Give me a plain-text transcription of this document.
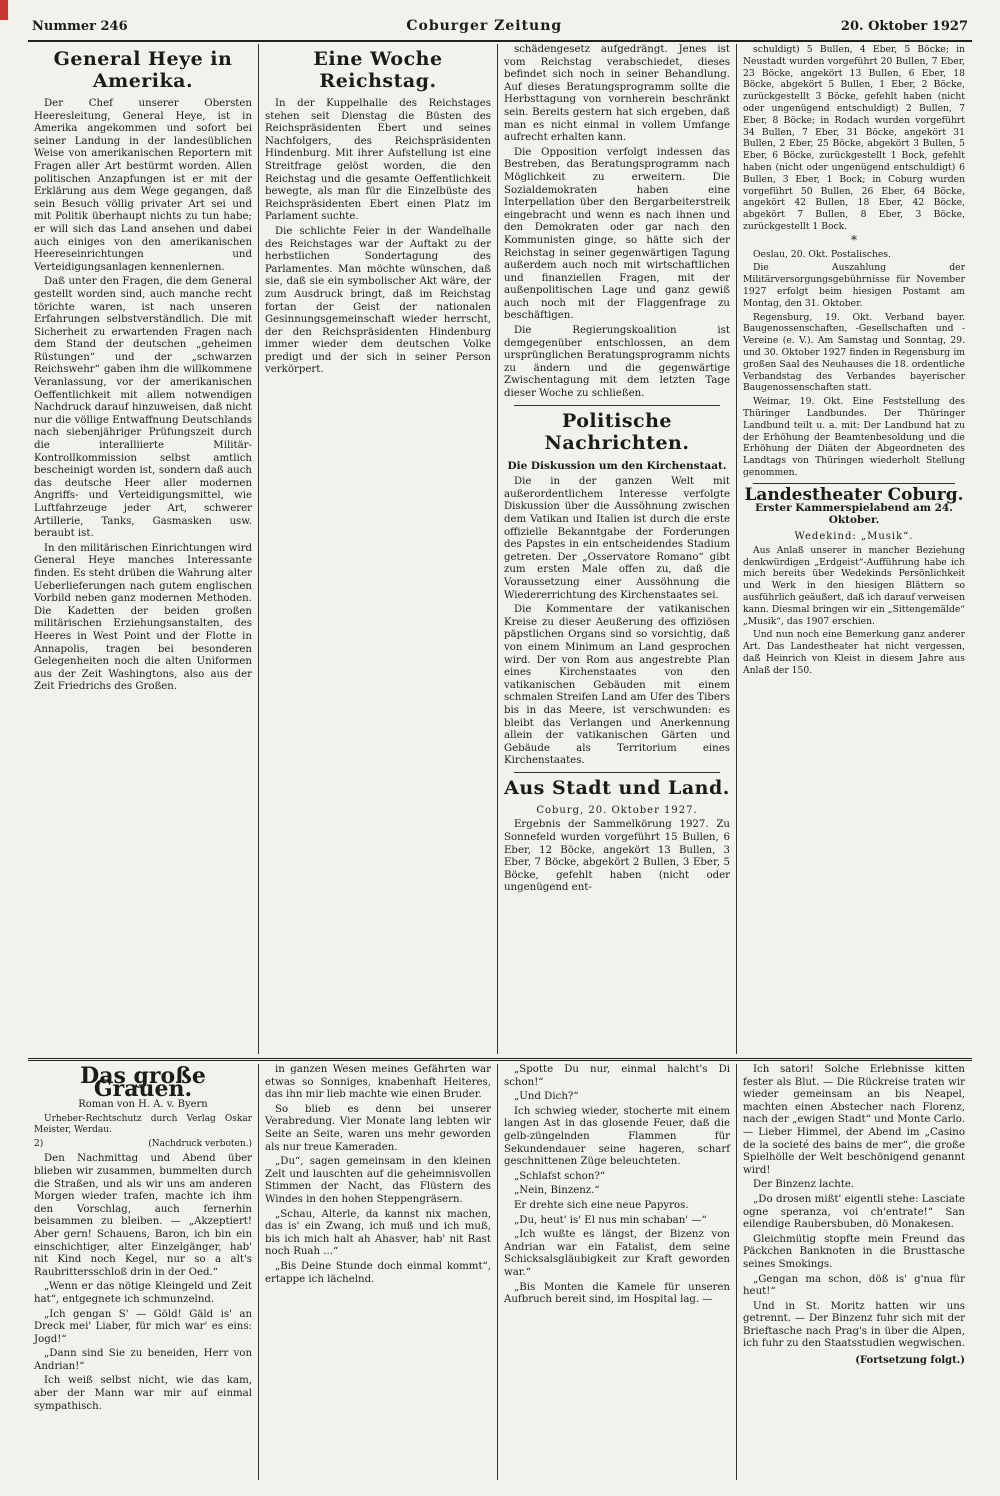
Nummer 246	Coburger Zeitung	20. Oktober 1927
General Heye in Amerika.

Der Chef unserer Obersten Heeresleitung, General Heye, ist in Amerika angekommen und sofort bei seiner Landung in der landesüblichen Weise von amerikanischen Reportern mit Fragen aller Art bestürmt worden. Allen politischen Anzapfungen ist er mit der Erklärung aus dem Wege gegangen, daß sein Besuch völlig privater Art sei und mit Politik überhaupt nichts zu tun habe; er will sich das Land ansehen und dabei auch einiges von den amerikanischen Heereseinrichtungen und Verteidigungsanlagen kennenlernen.

Daß unter den Fragen, die dem General gestellt worden sind, auch manche recht törichte waren, ist nach unseren Erfahrungen selbstverständlich. Die mit Sicherheit zu erwartenden Fragen nach dem Stand der deutschen „geheimen Rüstungen“ und der „schwarzen Reichswehr“ gaben ihm die willkommene Veranlassung, vor der amerikanischen Oeffentlichkeit mit allem notwendigen Nachdruck darauf hinzuweisen, daß nicht nur die völlige Entwaffnung Deutschlands nach siebenjähriger Prüfungszeit durch die interalliierte Militär-Kontrollkommission selbst amtlich bescheinigt worden ist, sondern daß auch das deutsche Heer aller modernen Angriffs- und Verteidigungsmittel, wie Luftfahrzeuge jeder Art, schwerer Artillerie, Tanks, Gasmasken usw. beraubt ist.

In den militärischen Einrichtungen wird General Heye manches Interessante finden. Es steht drüben die Wahrung alter Ueberlieferungen nach gutem englischen Vorbild neben ganz modernen Methoden. Die Kadetten der beiden großen militärischen Erziehungsanstalten, des Heeres in West Point und der Flotte in Annapolis, tragen bei besonderen Gelegenheiten noch die alten Uniformen aus der Zeit Washingtons, also aus der Zeit Friedrichs des Großen.

Eine Woche Reichstag.

In der Kuppelhalle des Reichstages stehen seit Dienstag die Büsten des Reichspräsidenten Ebert und seines Nachfolgers, des Reichspräsidenten Hindenburg. Mit ihrer Aufstellung ist eine Streitfrage gelöst worden, die den Reichstag und die gesamte Oeffentlichkeit bewegte, als man für die Einzelbüste des Reichspräsidenten Ebert einen Platz im Parlament suchte.

Die schlichte Feier in der Wandelhalle des Reichstages war der Auftakt zu der herbstlichen Sondertagung des Parlamentes. Man möchte wünschen, daß sie, daß sie ein symbolischer Akt wäre, der zum Ausdruck bringt, daß im Reichstag fortan der Geist der nationalen Gesinnungsgemeinschaft wieder herrscht, der den Reichspräsidenten Hindenburg immer wieder dem deutschen Volke predigt und der sich in seiner Person verkörpert.

schädengesetz aufgedrängt. Jenes ist vom Reichstag verabschiedet, dieses befindet sich noch in seiner Behandlung. Auf dieses Beratungsprogramm sollte die Herbsttagung von vornherein beschränkt sein. Bereits gestern hat sich ergeben, daß man es nicht einmal in vollem Umfange aufrecht erhalten kann.

Die Opposition verfolgt indessen das Bestreben, das Beratungsprogramm nach Möglichkeit zu erweitern. Die Sozialdemokraten haben eine Interpellation über den Bergarbeiterstreik eingebracht und wenn es nach ihnen und den Demokraten oder gar nach den Kommunisten ginge, so hätte sich der Reichstag in seiner gegenwärtigen Tagung außerdem auch noch mit wirtschaftlichen und finanziellen Fragen, mit der außenpolitischen Lage und ganz gewiß auch noch mit der Flaggenfrage zu beschäftigen.

Die Regierungskoalition ist demgegenüber entschlossen, an dem ursprünglichen Beratungsprogramm nichts zu ändern und die gegenwärtige Zwischentagung mit dem letzten Tage dieser Woche zu schließen.

Politische Nachrichten.
Die Diskussion um den Kirchenstaat.

Die in der ganzen Welt mit außerordentlichem Interesse verfolgte Diskussion über die Aussöhnung zwischen dem Vatikan und Italien ist durch die erste offizielle Bekanntgabe der Forderungen des Papstes in ein entscheidendes Stadium getreten. Der „Osservatore Romano“ gibt zum ersten Male offen zu, daß die Voraussetzung einer Aussöhnung die Wiedererrichtung des Kirchenstaates sei.

Die Kommentare der vatikanischen Kreise zu dieser Aeußerung des offiziösen päpstlichen Organs sind so vorsichtig, daß von einem Minimum an Land gesprochen wird. Der von Rom aus angestrebte Plan eines Kirchenstaates von den vatikanischen Gebäuden mit einem schmalen Streifen Land am Ufer des Tibers bis in das Meere, ist verschwunden: es bleibt das Verlangen und Anerkennung allein der vatikanischen Gärten und Gebäude als Territorium eines Kirchenstaates.

Aus Stadt und Land.
Coburg, 20. Oktober 1927.

Ergebnis der Sammelkörung 1927. Zu Sonnefeld wurden vorgeführt 15 Bullen, 6 Eber, 12 Böcke, angekört 13 Bullen, 3 Eber, 7 Böcke, abgekört 2 Bullen, 3 Eber, 5 Böcke, gefehlt haben (nicht oder ungenügend ent-

schuldigt) 5 Bullen, 4 Eber, 5 Böcke; in Neustadt wurden vorgeführt 20 Bullen, 7 Eber, 23 Böcke, angekört 13 Bullen, 6 Eber, 18 Böcke, abgekört 5 Bullen, 1 Eber, 2 Böcke, zurückgestellt 3 Böcke, gefehlt haben (nicht oder ungenügend entschuldigt) 2 Bullen, 7 Eber, 8 Böcke; in Rodach wurden vorgeführt 34 Bullen, 7 Eber, 31 Böcke, angekört 31 Bullen, 2 Eber, 25 Böcke, abgekört 3 Bullen, 5 Eber, 6 Böcke, zurückgestellt 1 Bock, gefehlt haben (nicht oder ungenügend entschuldigt) 6 Bullen, 3 Eber, 1 Bock; in Coburg wurden vorgeführt 50 Bullen, 26 Eber, 64 Böcke, angekört 42 Bullen, 18 Eber, 42 Böcke, abgekört 7 Bullen, 8 Eber, 3 Böcke, zurückgestellt 1 Bock.

*

Oeslau, 20. Okt. Postalisches.

Die Auszahlung der Militärversorgungsgebührnisse für November 1927 erfolgt beim hiesigen Postamt am Montag, den 31. Oktober.

Regensburg, 19. Okt. Verband bayer. Baugenossenschaften, -Gesellschaften und -Vereine (e. V.). Am Samstag und Sonntag, 29. und 30. Oktober 1927 finden in Regensburg im großen Saal des Neuhauses die 18. ordentliche Verbandstag des Verbandes bayerischer Baugenossenschaften statt.

Weimar, 19. Okt. Eine Feststellung des Thüringer Landbundes. Der Thüringer Landbund teilt u. a. mit: Der Landbund hat zu der Erhöhung der Beamtenbesoldung und die Erhöhung der Diäten der Abgeordneten des Landtags von Thüringen wiederholt Stellung genommen.

Landestheater Coburg.
Erster Kammerspielabend am 24. Oktober.
Wedekind: „Musik“.

Aus Anlaß unserer in mancher Beziehung denkwürdigen „Erdgeist“-Aufführung habe ich mich bereits über Wedekinds Persönlichkeit und Werk in den hiesigen Blättern so ausführlich geäußert, daß ich darauf verweisen kann. Diesmal bringen wir ein „Sittengemälde“ „Musik“, das 1907 erschien.

Und nun noch eine Bemerkung ganz anderer Art. Das Landestheater hat nicht vergessen, daß Heinrich von Kleist in diesem Jahre aus Anlaß der 150.

Das große Grauen.
Roman von H. A. v. Byern

Urheber-Rechtschutz durch Verlag Oskar Meister, Werdau.

2)	(Nachdruck verboten.)

Den Nachmittag und Abend über blieben wir zusammen, bummelten durch die Straßen, und als wir uns am anderen Morgen wieder trafen, machte ich ihm den Vorschlag, auch fernerhin beisammen zu bleiben. — „Akzeptiert! Aber gern! Schauens, Baron, ich bin ein einschichtiger, alter Einzelgänger, hab' nit Kind noch Kegel, nur so a alt's Raubrittersschloß drin in der Oed.“

„Wenn er das nötige Kleingeld und Zeit hat“, entgegnete ich schmunzelnd.

„Ich gengan S' — Göld! Gäld is' an Dreck mei' Liaber, für mich war' es eins: Jogd!“

„Dann sind Sie zu beneiden, Herr von Andrian!“

Ich weiß selbst nicht, wie das kam, aber der Mann war mir auf einmal sympathisch.

in ganzen Wesen meines Gefährten war etwas so Sonniges, knabenhaft Heiteres, das ihn mir lieb machte wie einen Bruder.

So blieb es denn bei unserer Verabredung. Vier Monate lang lebten wir Seite an Seite, waren uns mehr geworden als nur treue Kameraden.

„Du“, sagen gemeinsam in den kleinen Zelt und lauschten auf die geheimnisvollen Stimmen der Nacht, das Flüstern des Windes in den hohen Steppengräsern.

„Schau, Alterle, da kannst nix machen, das is' ein Zwang, ich muß und ich muß, bis ich mich halt ah Ahasver, hab' nit Rast noch Ruah ...“

„Bis Deine Stunde doch einmal kommt“, ertappe ich lächelnd.

„Spotte Du nur, einmal halcht's Di schon!“

„Und Dich?“

Ich schwieg wieder, stocherte mit einem langen Ast in das glosende Feuer, daß die gelb-züngelnden Flammen für Sekundendauer seine hageren, scharf geschnittenen Züge beleuchteten.

„Schlafst schon?“

„Nein, Binzenz.“

Er drehte sich eine neue Papyros.

„Du, heut' is' El nus min schaban' —“

„Ich wußte es längst, der Bizenz von Andrian war ein Fatalist, dem seine Schicksalsgläubigkeit zur Kraft geworden war.“

„Bis Monten die Kamele für unseren Aufbruch bereit sind, im Hospital lag. —

Ich satori! Solche Erlebnisse kitten fester als Blut. — Die Rückreise traten wir wieder gemeinsam an bis Neapel, machten einen Abstecher nach Florenz, nach der „ewigen Stadt“ und Monte Carlo. — Lieber Himmel, der Abend im „Casino de la societé des bains de mer“, die große Spielhölle der Welt beschönigend genannt wird!

Der Binzenz lachte.

„Do drosen mißt' eigentli stehe: Lasciate ogne speranza, voi ch'entrate!“ San eilendige Raubersbuben, dö Monakesen.

Gleichmütig stopfte mein Freund das Päckchen Banknoten in die Brusttasche seines Smokings.

„Gengan ma schon, döß is' g'nua für heut!“

Und in St. Moritz hatten wir uns getrennt. — Der Binzenz fuhr sich mit der Brieftasche nach Prag's in über die Alpen, ich fuhr zu den Staatsstudien wegwischen.

(Fortsetzung folgt.)
